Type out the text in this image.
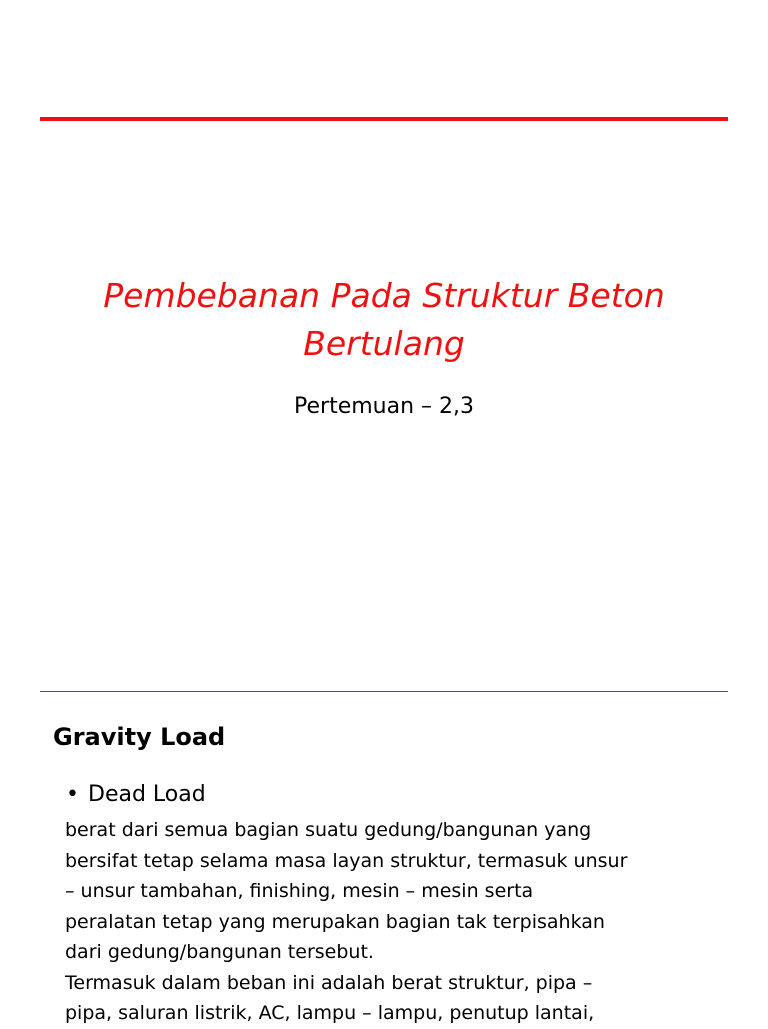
Pembebanan Pada Struktur Beton
Bertulang

Pertemuan – 2,3

Gravity Load

• Dead Load

berat dari semua bagian suatu gedung/bangunan yang
bersifat tetap selama masa layan struktur, termasuk unsur
– unsur tambahan, finishing, mesin – mesin serta
peralatan tetap yang merupakan bagian tak terpisahkan
dari gedung/bangunan tersebut.
Termasuk dalam beban ini adalah berat struktur, pipa –
pipa, saluran listrik, AC, lampu – lampu, penutup lantai,
